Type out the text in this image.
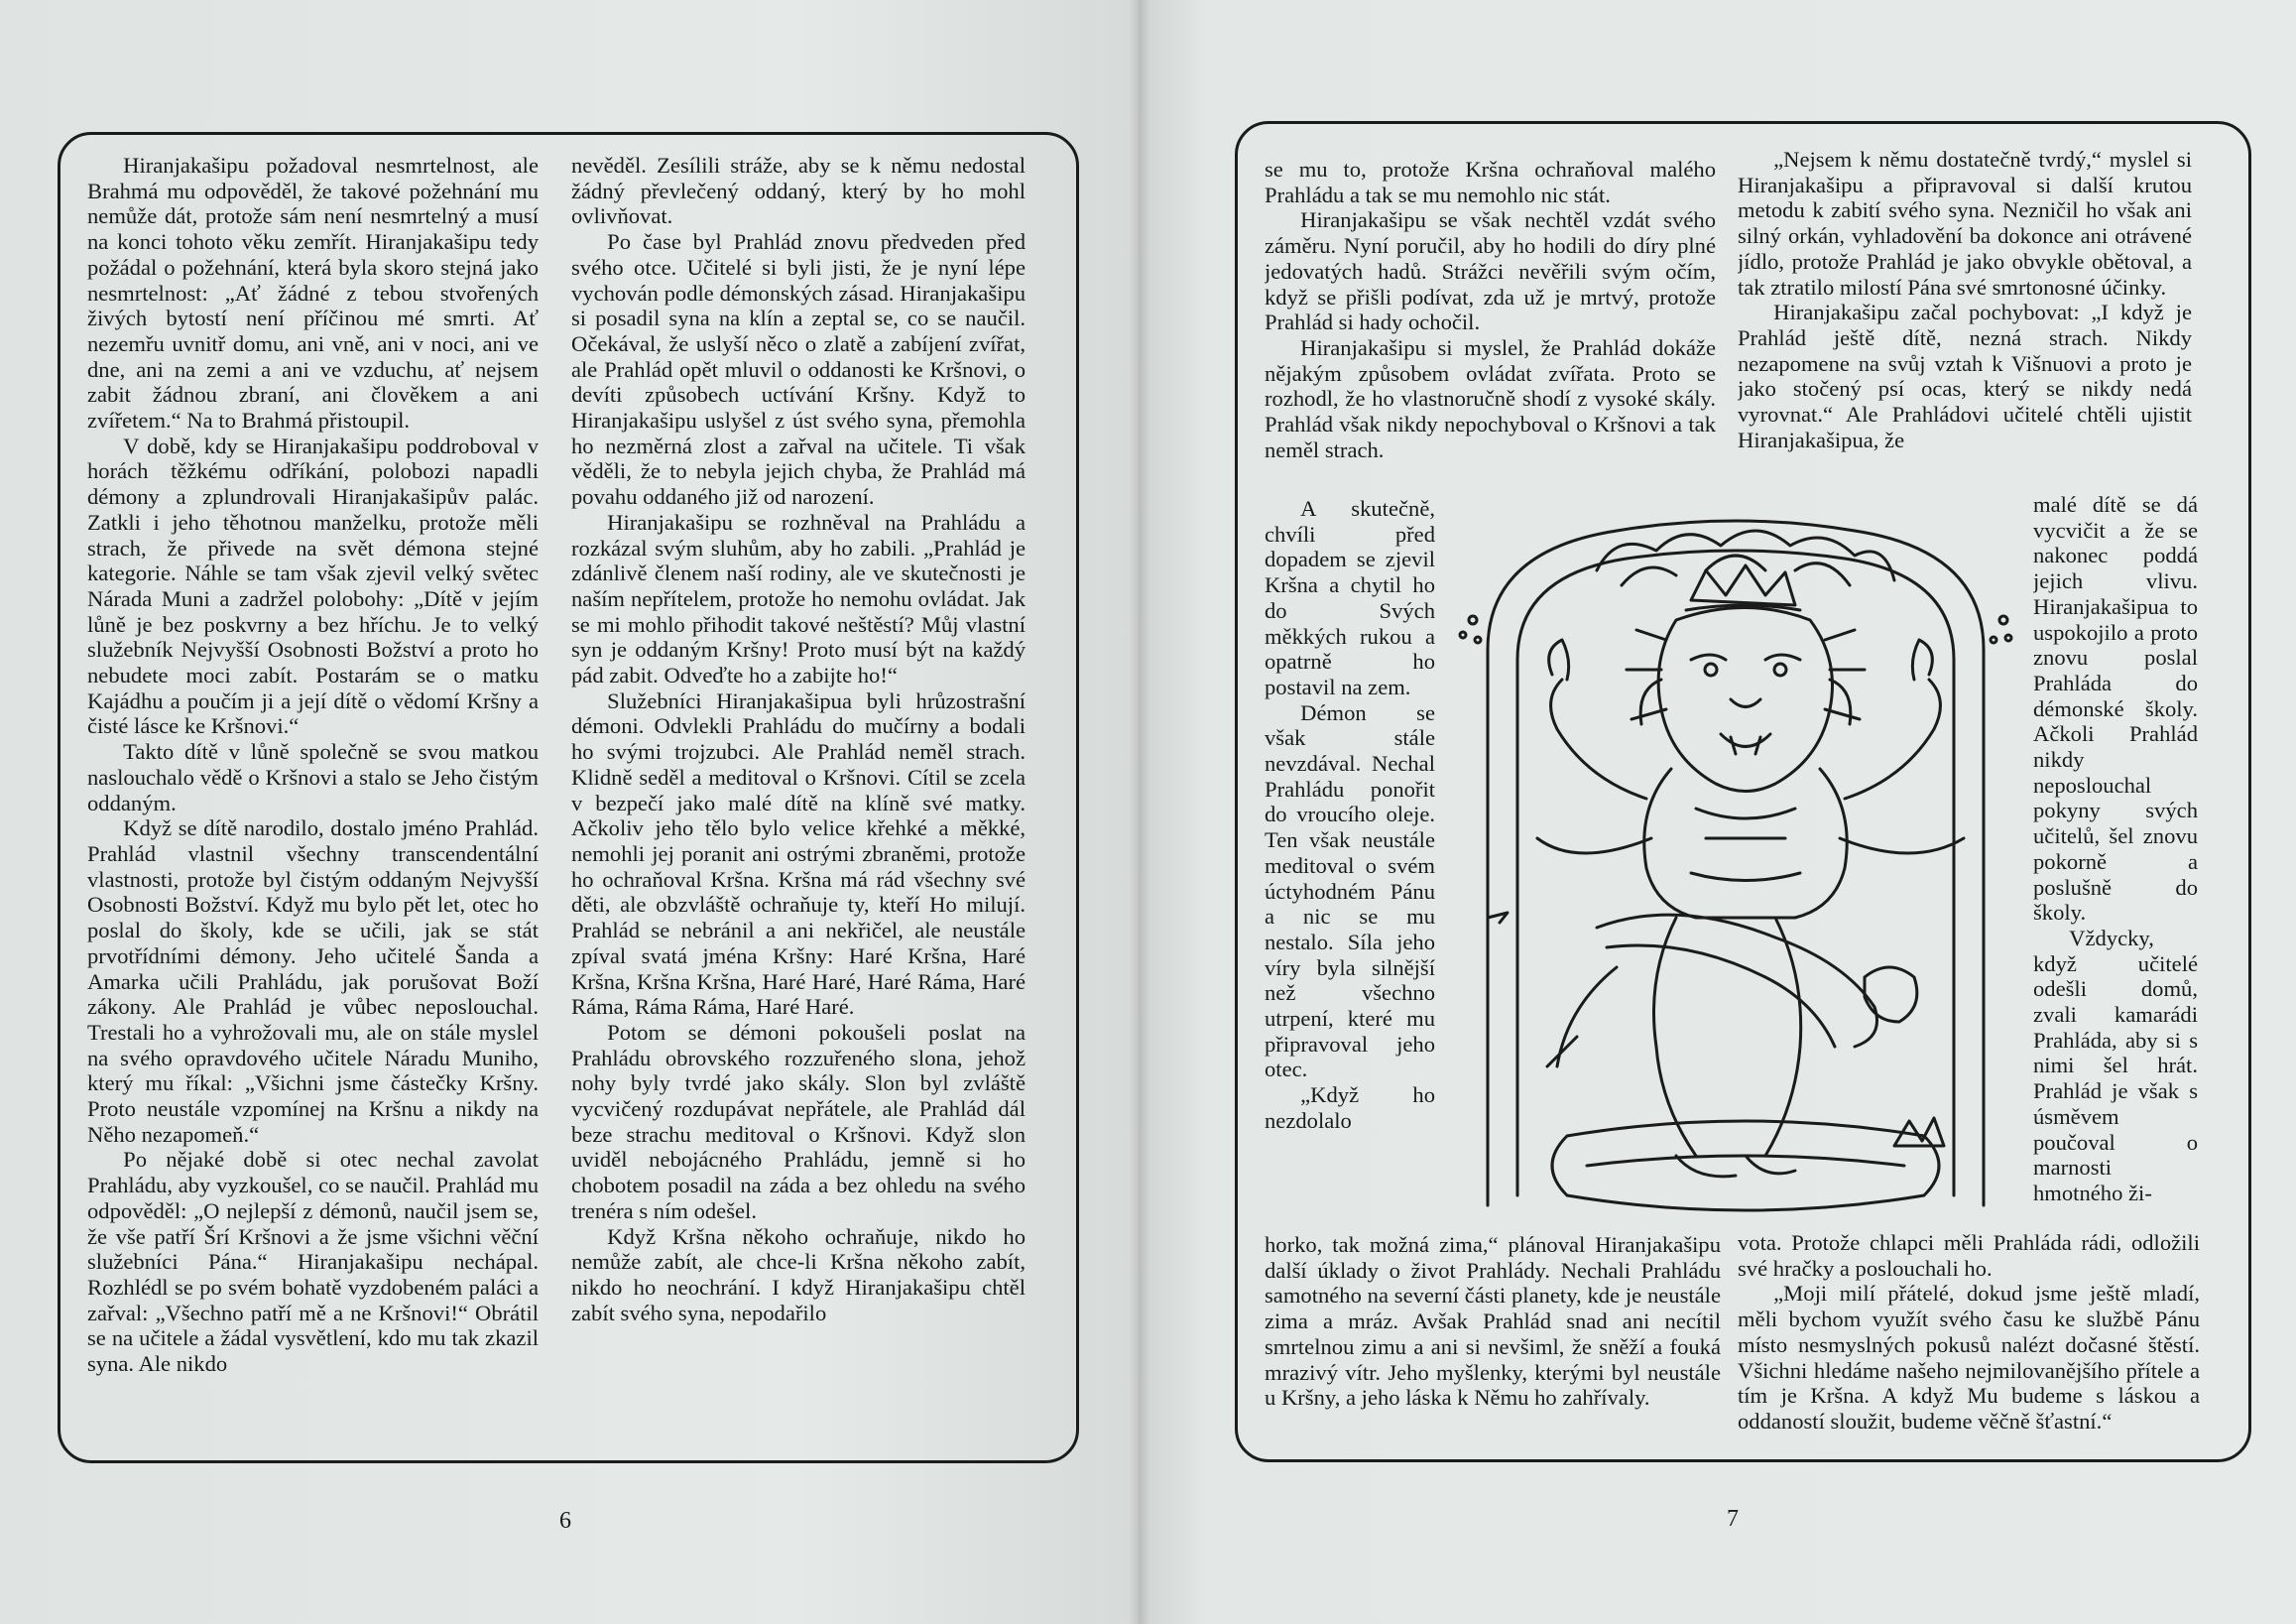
Hiranjakašipu požadoval nesmrtelnost, ale Brahmá mu odpověděl, že takové požehnání mu nemůže dát, protože sám není nesmrtelný a musí na konci tohoto věku zemřít. Hiranjakašipu tedy požádal o požehnání, která byla skoro stejná jako nesmrtelnost: „Ať žádné z tebou stvořených živých bytostí není příčinou mé smrti. Ať nezemřu uvnitř domu, ani vně, ani v noci, ani ve dne, ani na zemi a ani ve vzduchu, ať nejsem zabit žádnou zbraní, ani člověkem a ani zvířetem.“ Na to Brahmá přistoupil.

V době, kdy se Hiranjakašipu poddroboval v horách těžkému odříkání, polobozi napadli démony a zplundrovali Hiranjakašipův palác. Zatkli i jeho těhotnou manželku, protože měli strach, že přivede na svět démona stejné kategorie. Náhle se tam však zjevil velký světec Nárada Muni a zadržel polobohy: „Dítě v jejím lůně je bez poskvrny a bez hříchu. Je to velký služebník Nejvyšší Osobnosti Božství a proto ho nebudete moci zabít. Postarám se o matku Kajádhu a poučím ji a její dítě o vědomí Kršny a čisté lásce ke Kršnovi.“

Takto dítě v lůně společně se svou matkou naslouchalo vědě o Kršnovi a stalo se Jeho čistým oddaným.

Když se dítě narodilo, dostalo jméno Prahlád. Prahlád vlastnil všechny transcendentální vlastnosti, protože byl čistým oddaným Nejvyšší Osobnosti Božství. Když mu bylo pět let, otec ho poslal do školy, kde se učili, jak se stát prvotřídními démony. Jeho učitelé Šanda a Amarka učili Prahládu, jak porušovat Boží zákony. Ale Prahlád je vůbec neposlouchal. Trestali ho a vyhrožovali mu, ale on stále myslel na svého opravdového učitele Náradu Muniho, který mu říkal: „Všichni jsme částečky Kršny. Proto neustále vzpomínej na Kršnu a nikdy na Něho nezapomeň.“

Po nějaké době si otec nechal zavolat Prahládu, aby vyzkoušel, co se naučil. Prahlád mu odpověděl: „O nejlepší z démonů, naučil jsem se, že vše patří Šrí Kršnovi a že jsme všichni věční služebníci Pána.“ Hiranjakašipu nechápal. Rozhlédl se po svém bohatě vyzdobeném paláci a zařval: „Všechno patří mě a ne Kršnovi!“ Obrátil se na učitele a žádal vysvětlení, kdo mu tak zkazil syna. Ale nikdo

nevěděl. Zesílili stráže, aby se k němu nedostal žádný převlečený oddaný, který by ho mohl ovlivňovat.

Po čase byl Prahlád znovu předveden před svého otce. Učitelé si byli jisti, že je nyní lépe vychován podle démonských zásad. Hiranjakašipu si posadil syna na klín a zeptal se, co se naučil. Očekával, že uslyší něco o zlatě a zabíjení zvířat, ale Prahlád opět mluvil o oddanosti ke Kršnovi, o devíti způsobech uctívání Kršny. Když to Hiranjakašipu uslyšel z úst svého syna, přemohla ho nezměrná zlost a zařval na učitele. Ti však věděli, že to nebyla jejich chyba, že Prahlád má povahu oddaného již od narození.

Hiranjakašipu se rozhněval na Prahládu a rozkázal svým sluhům, aby ho zabili. „Prahlád je zdánlivě členem naší rodiny, ale ve skutečnosti je naším nepřítelem, protože ho nemohu ovládat. Jak se mi mohlo přihodit takové neštěstí? Můj vlastní syn je oddaným Kršny! Proto musí být na každý pád zabit. Odveďte ho a zabijte ho!“

Služebníci Hiranjakašipua byli hrůzostrašní démoni. Odvlekli Prahládu do mučírny a bodali ho svými trojzubci. Ale Prahlád neměl strach. Klidně seděl a meditoval o Kršnovi. Cítil se zcela v bezpečí jako malé dítě na klíně své matky. Ačkoliv jeho tělo bylo velice křehké a měkké, nemohli jej poranit ani ostrými zbraněmi, protože ho ochraňoval Kršna. Kršna má rád všechny své děti, ale obzvláště ochraňuje ty, kteří Ho milují. Prahlád se nebránil a ani nekřičel, ale neustále zpíval svatá jména Kršny: Haré Kršna, Haré Kršna, Kršna Kršna, Haré Haré, Haré Ráma, Haré Ráma, Ráma Ráma, Haré Haré.

Potom se démoni pokoušeli poslat na Prahládu obrovského rozzuřeného slona, jehož nohy byly tvrdé jako skály. Slon byl zvláště vycvičený rozdupávat nepřátele, ale Prahlád dál beze strachu meditoval o Kršnovi. Když slon uviděl nebojácného Prahládu, jemně si ho chobotem posadil na záda a bez ohledu na svého trenéra s ním odešel.

Když Kršna někoho ochraňuje, nikdo ho nemůže zabít, ale chce-li Kršna někoho zabít, nikdo ho neochrání. I když Hiranjakašipu chtěl zabít svého syna, nepodařilo

se mu to, protože Kršna ochraňoval malého Prahládu a tak se mu nemohlo nic stát.

Hiranjakašipu se však nechtěl vzdát svého záměru. Nyní poručil, aby ho hodili do díry plné jedovatých hadů. Strážci nevěřili svým očím, když se přišli podívat, zda už je mrtvý, protože Prahlád si hady ochočil.

Hiranjakašipu si myslel, že Prahlád dokáže nějakým způsobem ovládat zvířata. Proto se rozhodl, že ho vlastnoručně shodí z vysoké skály. Prahlád však nikdy nepochyboval o Kršnovi a tak neměl strach.

A skutečně, chvíli před dopadem se zjevil Kršna a chytil ho do Svých měkkých rukou a opatrně ho postavil na zem.

Démon se však stále nevzdával. Nechal Prahládu ponořit do vroucího oleje. Ten však neustále meditoval o svém úctyhodném Pánu a nic se mu nestalo. Síla jeho víry byla silnější než všechno utrpení, které mu připravoval jeho otec.

„Když ho nezdolalo

horko, tak možná zima,“ plánoval Hiranjakašipu další úklady o život Prahlády. Nechali Prahládu samotného na severní části planety, kde je neustále zima a mráz. Avšak Prahlád snad ani necítil smrtelnou zimu a ani si nevšiml, že sněží a fouká mrazivý vítr. Jeho myšlenky, kterými byl neustále u Kršny, a jeho láska k Němu ho zahřívaly.

„Nejsem k němu dostatečně tvrdý,“ myslel si Hiranjakašipu a připravoval si další krutou metodu k zabití svého syna. Nezničil ho však ani silný orkán, vyhladovění ba dokonce ani otrávené jídlo, protože Prahlád je jako obvykle obětoval, a tak ztratilo milostí Pána své smrtonosné účinky.

Hiranjakašipu začal pochybovat: „I když je Prahlád ještě dítě, nezná strach. Nikdy nezapomene na svůj vztah k Višnuovi a proto je jako stočený psí ocas, který se nikdy nedá vyrovnat.“ Ale Prahládovi učitelé chtěli ujistit Hiranjakašipua, že

malé dítě se dá vycvičit a že se nakonec poddá jejich vlivu. Hiranjakašipua to uspokojilo a proto znovu poslal Prahláda do démonské školy. Ačkoli Prahlád nikdy neposlouchal pokyny svých učitelů, šel znovu pokorně a poslušně do školy.

Vždycky, když učitelé odešli domů, zvali kamarádi Prahláda, aby si s nimi šel hrát. Prahlád je však s úsměvem poučoval o marnosti hmotného ži-

vota. Protože chlapci měli Prahláda rádi, odložili své hračky a poslouchali ho.

„Moji milí přátelé, dokud jsme ještě mladí, měli bychom využít svého času ke službě Pánu místo nesmyslných pokusů nalézt dočasné štěstí. Všichni hledáme našeho nejmilovanějšího přítele a tím je Kršna. A když Mu budeme s láskou a oddaností sloužit, budeme věčně šťastní.“

6	7
